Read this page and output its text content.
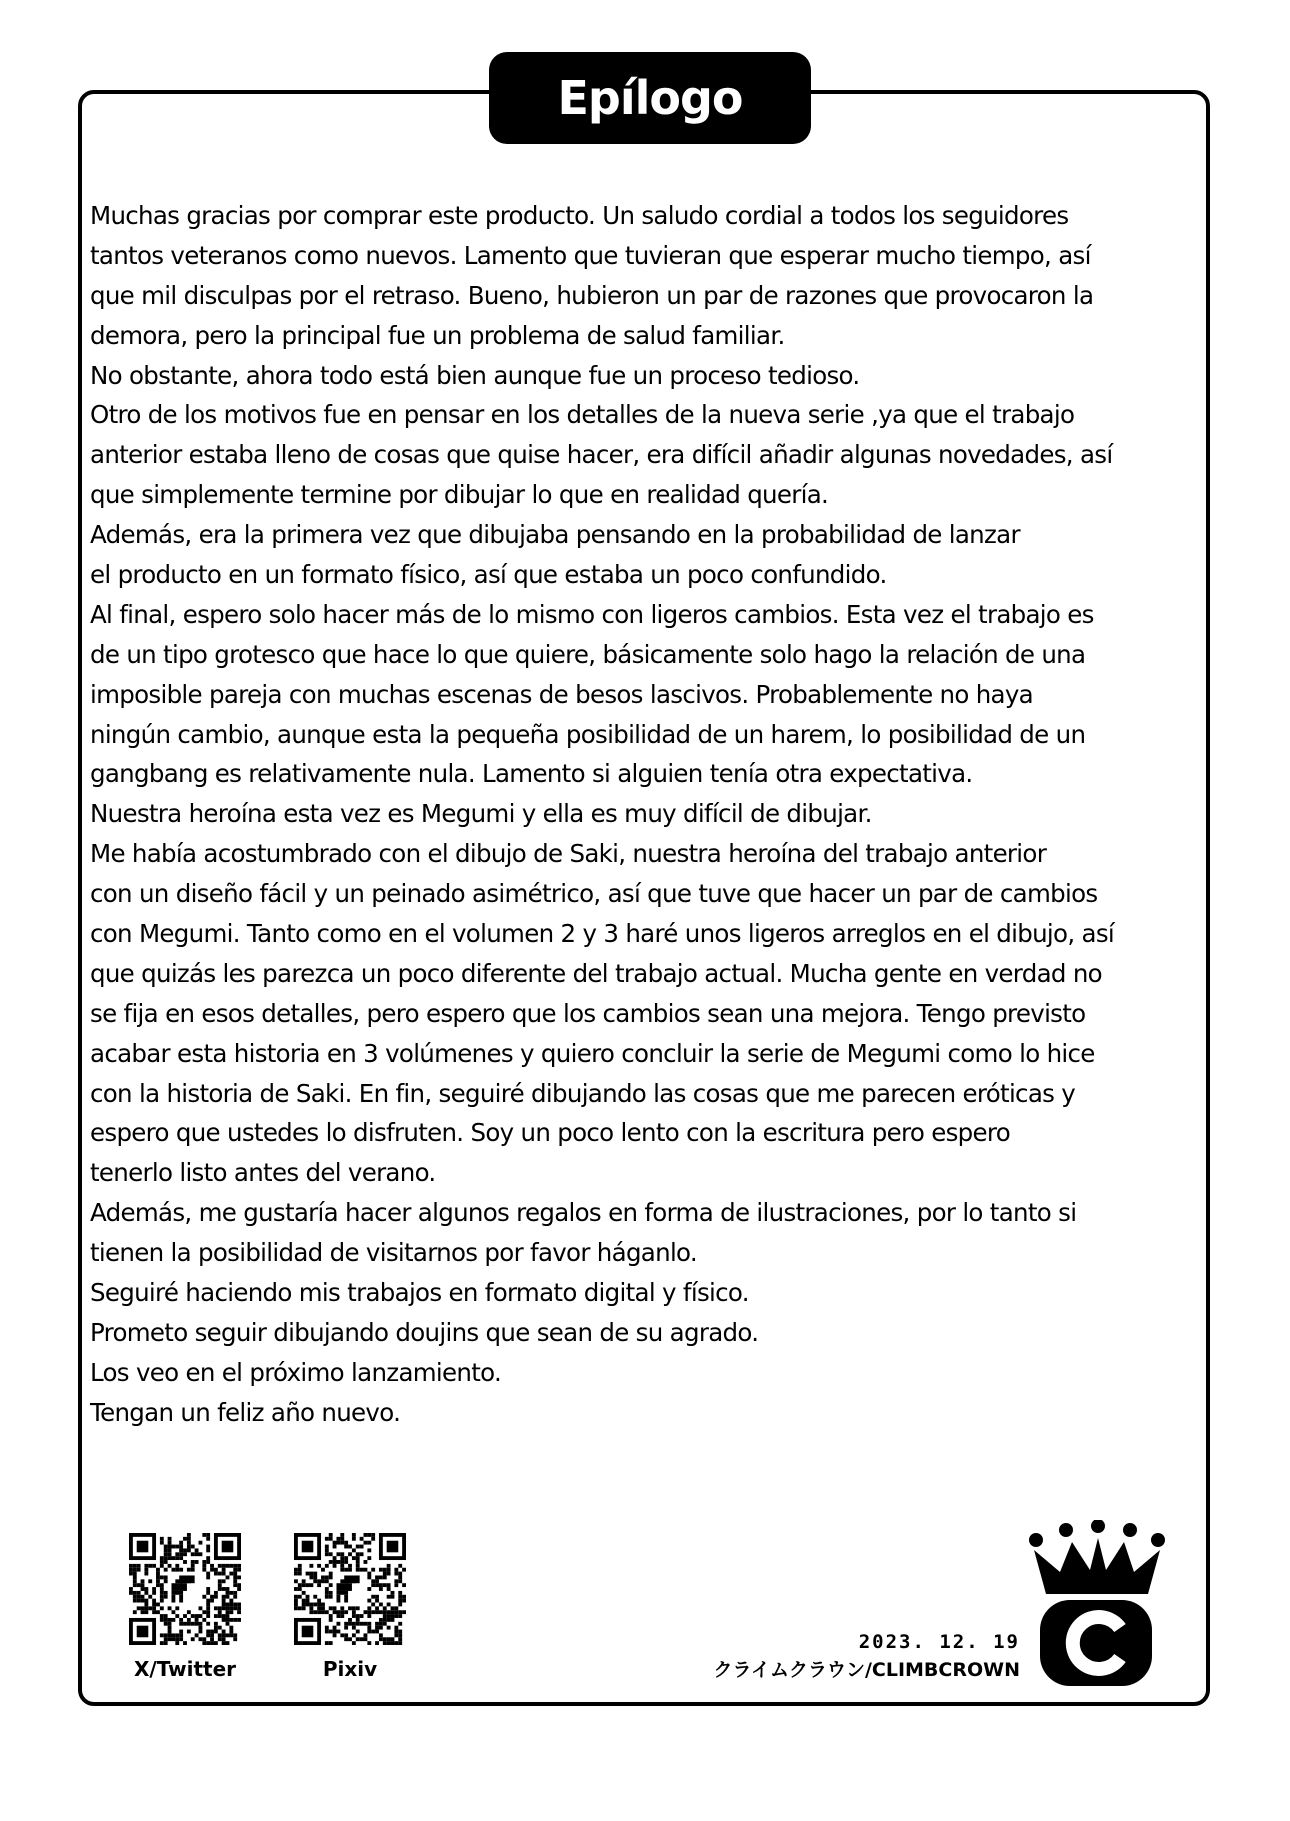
Epílogo
Muchas gracias por comprar este producto. Un saludo cordial a todos los seguidores
tantos veteranos como nuevos. Lamento que tuvieran que esperar mucho tiempo, así
que mil disculpas por el retraso. Bueno, hubieron un par de razones que provocaron la
demora, pero la principal fue un problema de salud familiar.
No obstante, ahora todo está bien aunque fue un proceso tedioso.
Otro de los motivos fue en pensar en los detalles de la nueva serie ,ya que el trabajo
anterior estaba lleno de cosas que quise hacer, era difícil añadir algunas novedades, así
que simplemente termine por dibujar lo que en realidad quería.
Además, era la primera vez que dibujaba pensando en la probabilidad de lanzar
el producto en un formato físico, así que estaba un poco confundido.
Al final, espero solo hacer más de lo mismo con ligeros cambios. Esta vez el trabajo es
de un tipo grotesco que hace lo que quiere, básicamente solo hago la relación de una
imposible pareja con muchas escenas de besos lascivos. Probablemente no haya
ningún cambio, aunque esta la pequeña posibilidad de un harem, lo posibilidad de un
gangbang es relativamente nula. Lamento si alguien tenía otra expectativa.
Nuestra heroína esta vez es Megumi y ella es muy difícil de dibujar.
Me había acostumbrado con el dibujo de Saki, nuestra heroína del trabajo anterior
con un diseño fácil y un peinado asimétrico, así que tuve que hacer un par de cambios
con Megumi. Tanto como en el volumen 2 y 3 haré unos ligeros arreglos en el dibujo, así
que quizás les parezca un poco diferente del trabajo actual. Mucha gente en verdad no
se fija en esos detalles, pero espero que los cambios sean una mejora. Tengo previsto
acabar esta historia en 3 volúmenes y quiero concluir la serie de Megumi como lo hice
con la historia de Saki. En fin, seguiré dibujando las cosas que me parecen eróticas y
espero que ustedes lo disfruten. Soy un poco lento con la escritura pero espero
tenerlo listo antes del verano.
Además, me gustaría hacer algunos regalos en forma de ilustraciones, por lo tanto si
tienen la posibilidad de visitarnos por favor háganlo.
Seguiré haciendo mis trabajos en formato digital y físico.
Prometo seguir dibujando doujins que sean de su agrado.
Los veo en el próximo lanzamiento.
Tengan un feliz año nuevo.
X/Twitter	Pixiv
2023. 12. 19
クライムクラウン/CLIMBCROWN
